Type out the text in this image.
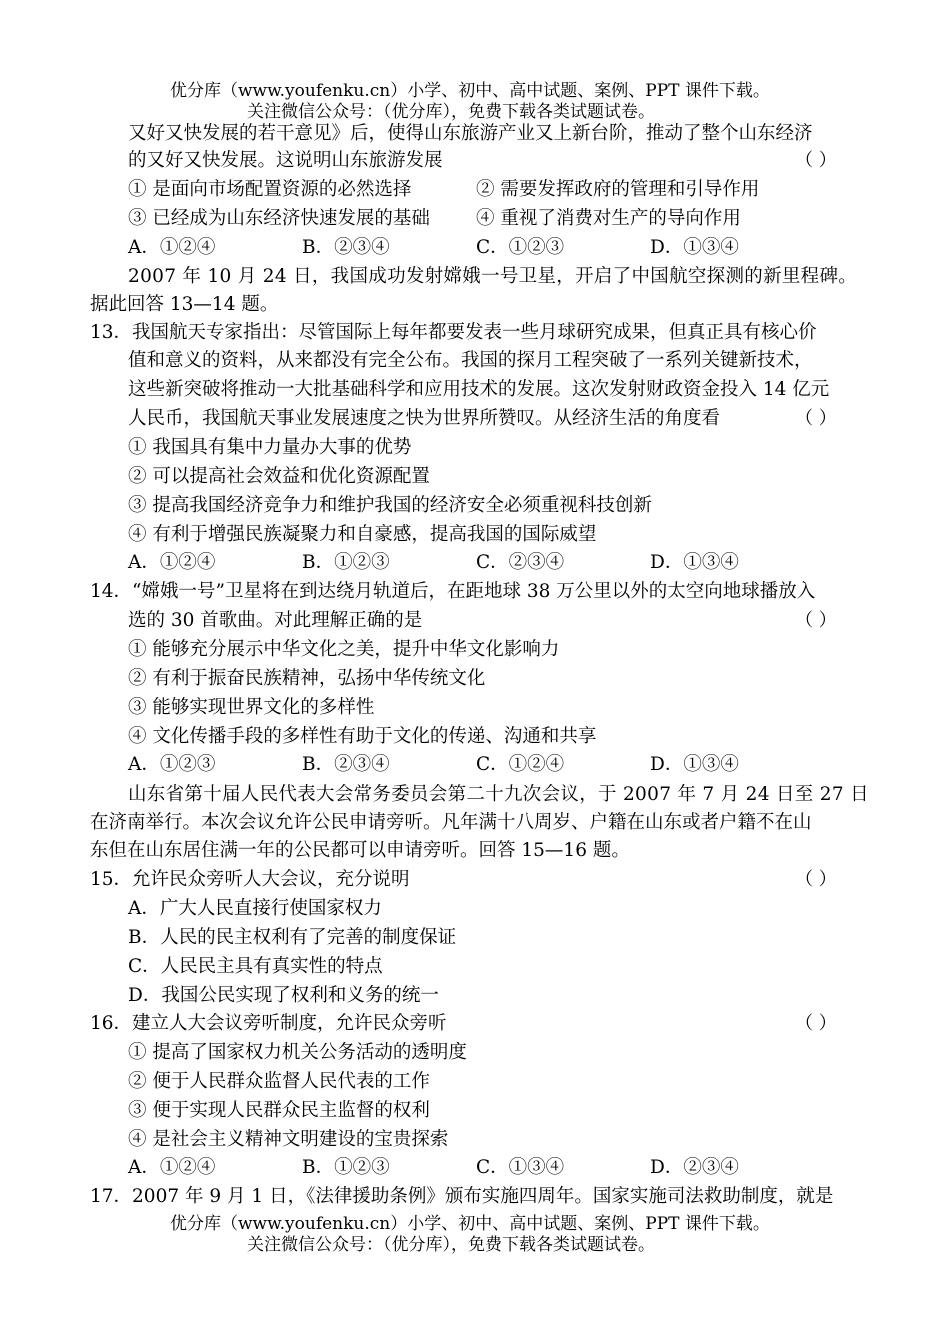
优分库（www.youfenku.cn）小学、初中、高中试题、案例、PPT 课件下载。
关注微信公众号：（优分库），免费下载各类试题试卷。
又好又快发展的若干意见》后，使得山东旅游产业又上新台阶，推动了整个山东经济
的又好又快发展。这说明山东旅游发展	（ ）
① 是面向市场配置资源的必然选择	② 需要发挥政府的管理和引导作用
③ 已经成为山东经济快速发展的基础 ④ 重视了消费对生产的导向作用
A．①②④	B．②③④	C．①②③	D．①③④
2007 年 10 月 24 日，我国成功发射嫦娥一号卫星，开启了中国航空探测的新里程碑。
据此回答 13—14 题。
13．我国航天专家指出：尽管国际上每年都要发表一些月球研究成果，但真正具有核心价
值和意义的资料，从来都没有完全公布。我国的探月工程突破了一系列关键新技术，
这些新突破将推动一大批基础科学和应用技术的发展。这次发射财政资金投入 14 亿元
人民币，我国航天事业发展速度之快为世界所赞叹。从经济生活的角度看	（ ）
① 我国具有集中力量办大事的优势
② 可以提高社会效益和优化资源配置
③ 提高我国经济竞争力和维护我国的经济安全必须重视科技创新
④ 有利于增强民族凝聚力和自豪感，提高我国的国际威望
A．①②④	B．①②③	C．②③④	D．①③④
14．“嫦娥一号”卫星将在到达绕月轨道后，在距地球 38 万公里以外的太空向地球播放入
选的 30 首歌曲。对此理解正确的是	（ ）
① 能够充分展示中华文化之美，提升中华文化影响力
② 有利于振奋民族精神，弘扬中华传统文化
③ 能够实现世界文化的多样性
④ 文化传播手段的多样性有助于文化的传递、沟通和共享
A．①②③	B．②③④	C．①②④	D．①③④
山东省第十届人民代表大会常务委员会第二十九次会议，于 2007 年 7 月 24 日至 27 日
在济南举行。本次会议允许公民申请旁听。凡年满十八周岁、户籍在山东或者户籍不在山
东但在山东居住满一年的公民都可以申请旁听。回答 15—16 题。
15．允许民众旁听人大会议，充分说明	（ ）
A．广大人民直接行使国家权力
B．人民的民主权利有了完善的制度保证
C．人民民主具有真实性的特点
D．我国公民实现了权利和义务的统一
16．建立人大会议旁听制度，允许民众旁听	（ ）
① 提高了国家权力机关公务活动的透明度
② 便于人民群众监督人民代表的工作
③ 便于实现人民群众民主监督的权利
④ 是社会主义精神文明建设的宝贵探索
A．①②④	B．①②③	C．①③④	D．②③④
17．2007 年 9 月 1 日，《法律援助条例》颁布实施四周年。国家实施司法救助制度，就是
优分库（www.youfenku.cn）小学、初中、高中试题、案例、PPT 课件下载。
关注微信公众号：（优分库），免费下载各类试题试卷。
